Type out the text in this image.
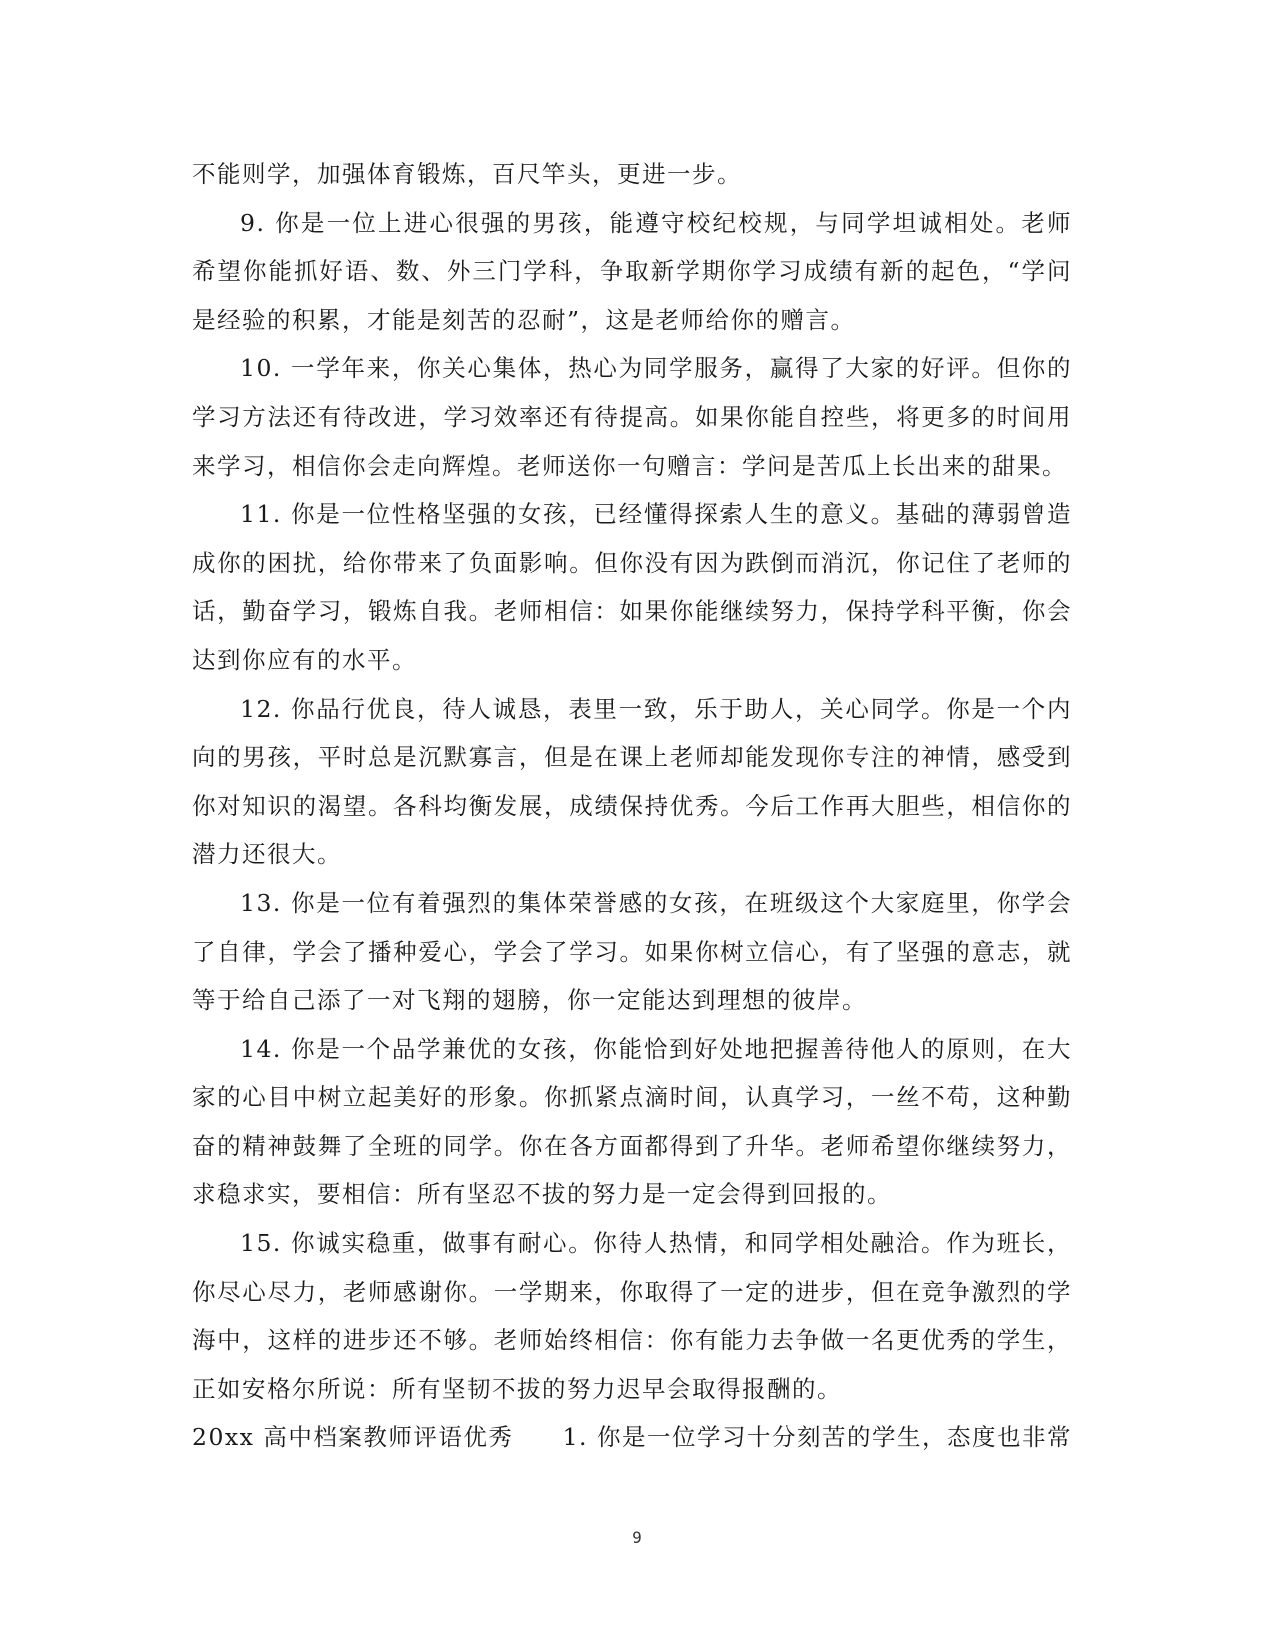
不能则学，加强体育锻炼，百尺竿头，更进一步。

9. 你是一位上进心很强的男孩，能遵守校纪校规，与同学坦诚相处。老师希望你能抓好语、数、外三门学科，争取新学期你学习成绩有新的起色，“学问是经验的积累，才能是刻苦的忍耐”，这是老师给你的赠言。

10. 一学年来，你关心集体，热心为同学服务，赢得了大家的好评。但你的学习方法还有待改进，学习效率还有待提高。如果你能自控些，将更多的时间用来学习，相信你会走向辉煌。老师送你一句赠言：学问是苦瓜上长出来的甜果。

11. 你是一位性格坚强的女孩，已经懂得探索人生的意义。基础的薄弱曾造成你的困扰，给你带来了负面影响。但你没有因为跌倒而消沉，你记住了老师的话，勤奋学习，锻炼自我。老师相信：如果你能继续努力，保持学科平衡，你会达到你应有的水平。

12. 你品行优良，待人诚恳，表里一致，乐于助人，关心同学。你是一个内向的男孩，平时总是沉默寡言，但是在课上老师却能发现你专注的神情，感受到你对知识的渴望。各科均衡发展，成绩保持优秀。今后工作再大胆些，相信你的潜力还很大。

13. 你是一位有着强烈的集体荣誉感的女孩，在班级这个大家庭里，你学会了自律，学会了播种爱心，学会了学习。如果你树立信心，有了坚强的意志，就等于给自己添了一对飞翔的翅膀，你一定能达到理想的彼岸。

14. 你是一个品学兼优的女孩，你能恰到好处地把握善待他人的原则，在大家的心目中树立起美好的形象。你抓紧点滴时间，认真学习，一丝不苟，这种勤奋的精神鼓舞了全班的同学。你在各方面都得到了升华。老师希望你继续努力，求稳求实，要相信：所有坚忍不拔的努力是一定会得到回报的。

15. 你诚实稳重，做事有耐心。你待人热情，和同学相处融洽。作为班长，你尽心尽力，老师感谢你。一学期来，你取得了一定的进步，但在竞争激烈的学海中，这样的进步还不够。老师始终相信：你有能力去争做一名更优秀的学生，正如安格尔所说：所有坚韧不拔的努力迟早会取得报酬的。

20xx 高中档案教师评语优秀 1. 你是一位学习十分刻苦的学生，态度也非常
9
